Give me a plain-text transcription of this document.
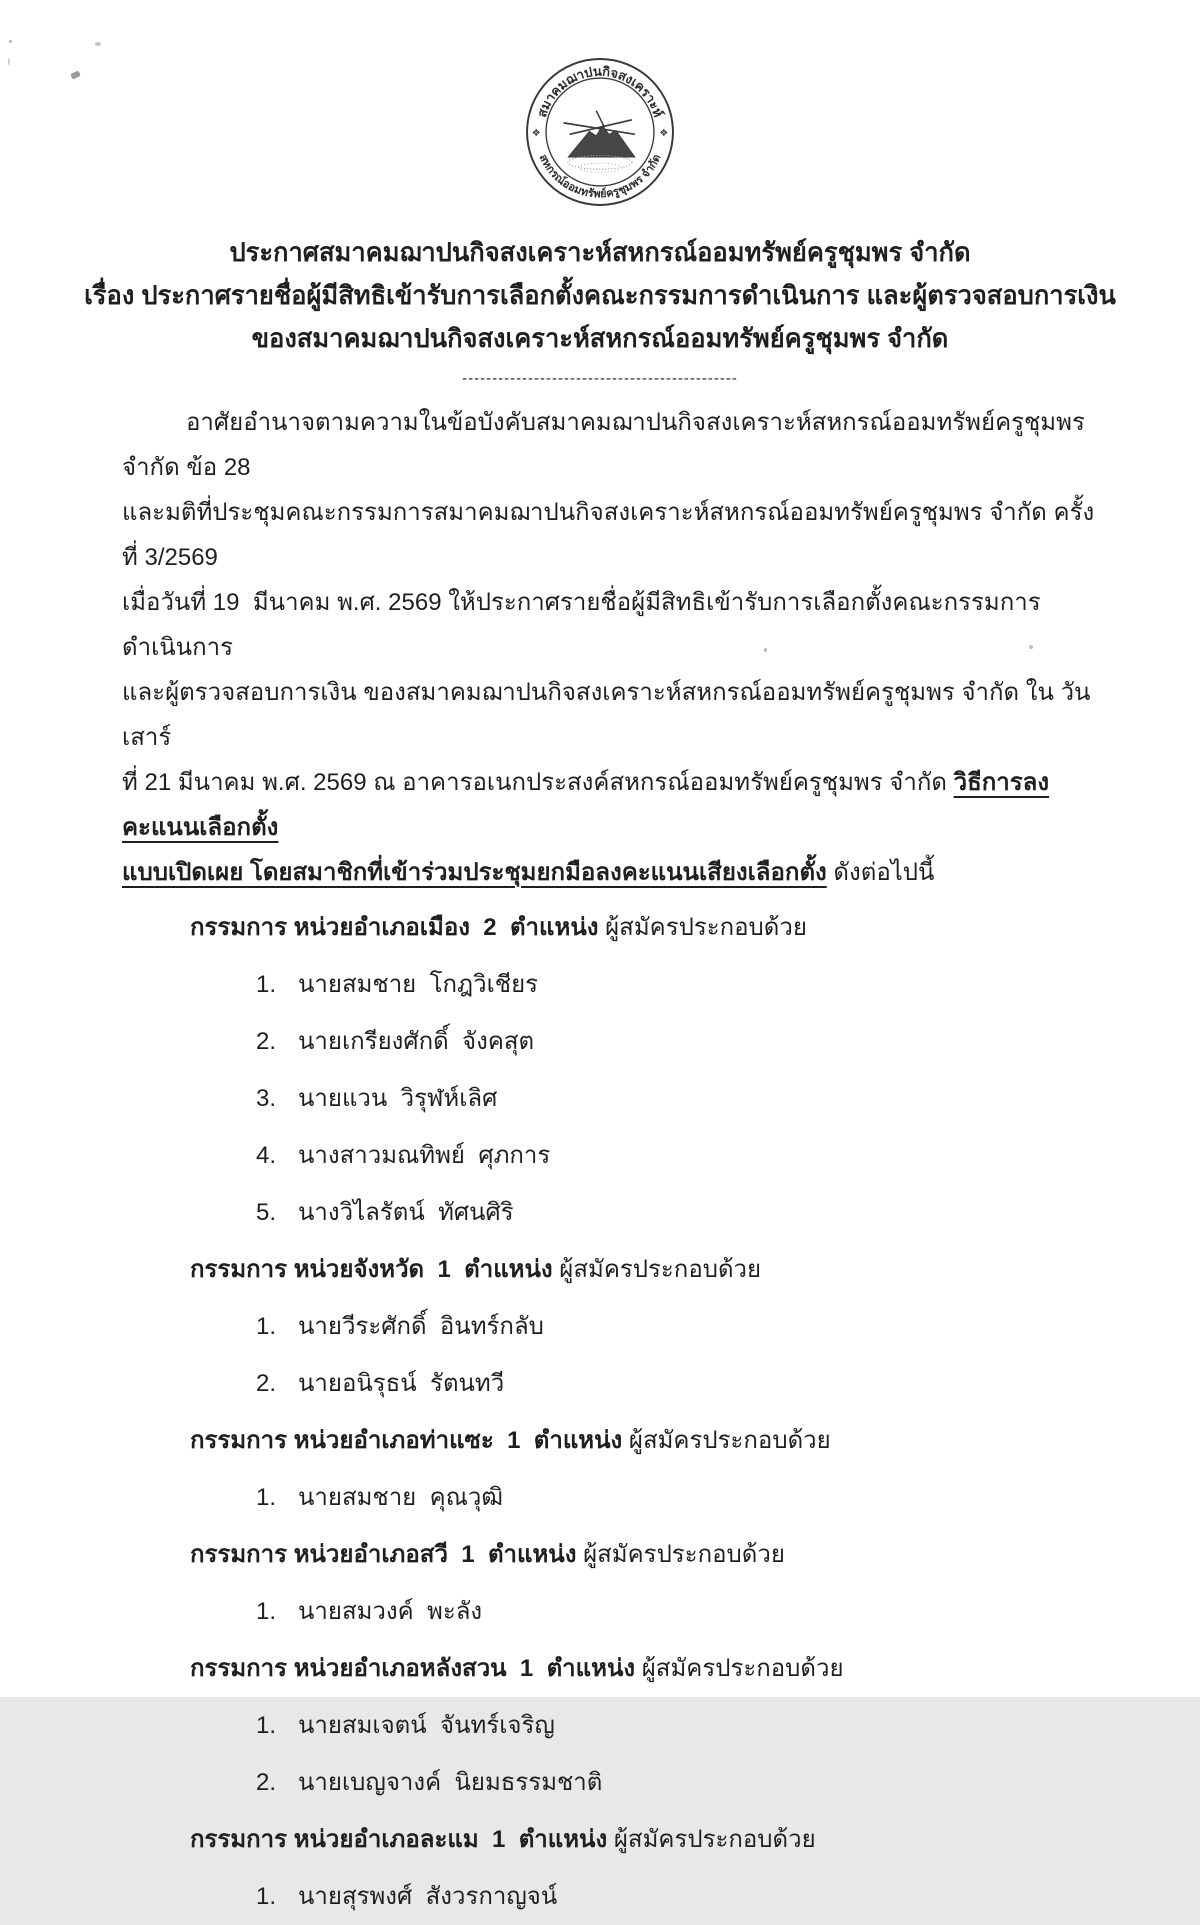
สมาคมฌาปนกิจสงเคราะห์
สหกรณ์ออมทรัพย์ครูชุมพร จำกัด
❖	❖
ประกาศสมาคมฌาปนกิจสงเคราะห์สหกรณ์ออมทรัพย์ครูชุมพร จำกัด
เรื่อง ประกาศรายชื่อผู้มีสิทธิเข้ารับการเลือกตั้งคณะกรรมการดำเนินการ และผู้ตรวจสอบการเงิน
ของสมาคมฌาปนกิจสงเคราะห์สหกรณ์ออมทรัพย์ครูชุมพร จำกัด
----------------------------------------------
อาศัยอำนาจตามความในข้อบังคับสมาคมฌาปนกิจสงเคราะห์สหกรณ์ออมทรัพย์ครูชุมพร จำกัด ข้อ 28
และมติที่ประชุมคณะกรรมการสมาคมฌาปนกิจสงเคราะห์สหกรณ์ออมทรัพย์ครูชุมพร จำกัด ครั้งที่ 3/2569
เมื่อวันที่ 19  มีนาคม พ.ศ. 2569 ให้ประกาศรายชื่อผู้มีสิทธิเข้ารับการเลือกตั้งคณะกรรมการดำเนินการ
และผู้ตรวจสอบการเงิน ของสมาคมฌาปนกิจสงเคราะห์สหกรณ์ออมทรัพย์ครูชุมพร จำกัด ใน วันเสาร์
ที่ 21 มีนาคม พ.ศ. 2569 ณ อาคารอเนกประสงค์สหกรณ์ออมทรัพย์ครูชุมพร จำกัด วิธีการลงคะแนนเลือกตั้ง
แบบเปิดเผย โดยสมาชิกที่เข้าร่วมประชุมยกมือลงคะแนนเสียงเลือกตั้ง ดังต่อไปนี้
กรรมการ หน่วยอำเภอเมือง  2  ตำแหน่ง ผู้สมัครประกอบด้วย
1. นายสมชาย  โกฎวิเชียร
2. นายเกรียงศักดิ์  จังคสุต
3. นายแวน  วิรุฬห์เลิศ
4. นางสาวมณทิพย์  ศุภการ
5. นางวิไลรัตน์  ทัศนศิริ
กรรมการ หน่วยจังหวัด  1  ตำแหน่ง ผู้สมัครประกอบด้วย
1. นายวีระศักดิ์  อินทร์กลับ
2. นายอนิรุธน์  รัตนทวี
กรรมการ หน่วยอำเภอท่าแซะ  1  ตำแหน่ง ผู้สมัครประกอบด้วย
1. นายสมชาย  คุณวุฒิ
กรรมการ หน่วยอำเภอสวี  1  ตำแหน่ง ผู้สมัครประกอบด้วย
1. นายสมวงค์  พะลัง
กรรมการ หน่วยอำเภอหลังสวน  1  ตำแหน่ง ผู้สมัครประกอบด้วย
1. นายสมเจตน์  จันทร์เจริญ
2. นายเบญจางค์  นิยมธรรมชาติ
กรรมการ หน่วยอำเภอละแม  1  ตำแหน่ง ผู้สมัครประกอบด้วย
1. นายสุรพงศ์  สังวรกาญจน์
